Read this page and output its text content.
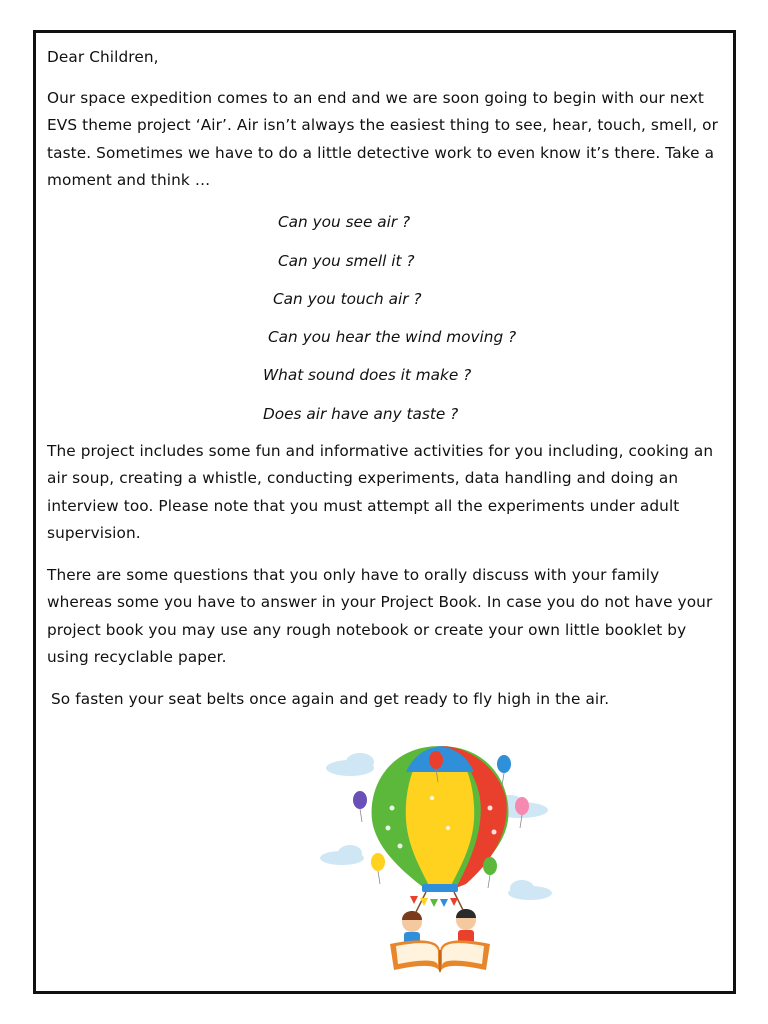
Dear Children,

Our space expedition comes to an end and we are soon going to begin with our next EVS theme project ‘Air’. Air isn’t always the easiest thing to see, hear, touch, smell, or taste. Sometimes we have to do a little detective work to even know it’s there. Take a moment and think …

Can you see air ?
Can you smell it ?
Can you touch air ?
Can you hear the wind moving ?
What sound does it make ?
Does air have any taste ?

The project includes some fun and informative activities for you including, cooking an air soup, creating a whistle, conducting experiments, data handling and doing an interview too. Please note that you must attempt all the experiments under adult supervision.

There are some questions that you only have to orally discuss with your family whereas some you have to answer in your Project Book. In case you do not have your project book you may use any rough notebook or create your own little booklet by using recyclable paper.

So fasten your seat belts once again and get ready to fly high in the air.
